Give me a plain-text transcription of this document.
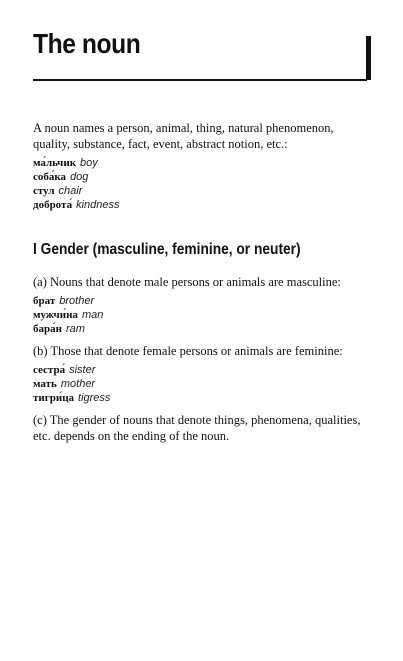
The noun

A noun names a person, animal, thing, natural phenomenon, quality, substance, fact, event, abstract notion, etc.:

ма́льчик boy
соба́ка dog
стул chair
доброта́ kindness
I Gender (masculine, feminine, or neuter)

(a) Nouns that denote male persons or animals are masculine:

брат brother
мужчи́на man
бара́н ram

(b) Those that denote female persons or animals are feminine:

сестра́ sister
мать mother
тигри́ца tigress

(c) The gender of nouns that denote things, phenomena, qualities, etc. depends on the ending of the noun.
